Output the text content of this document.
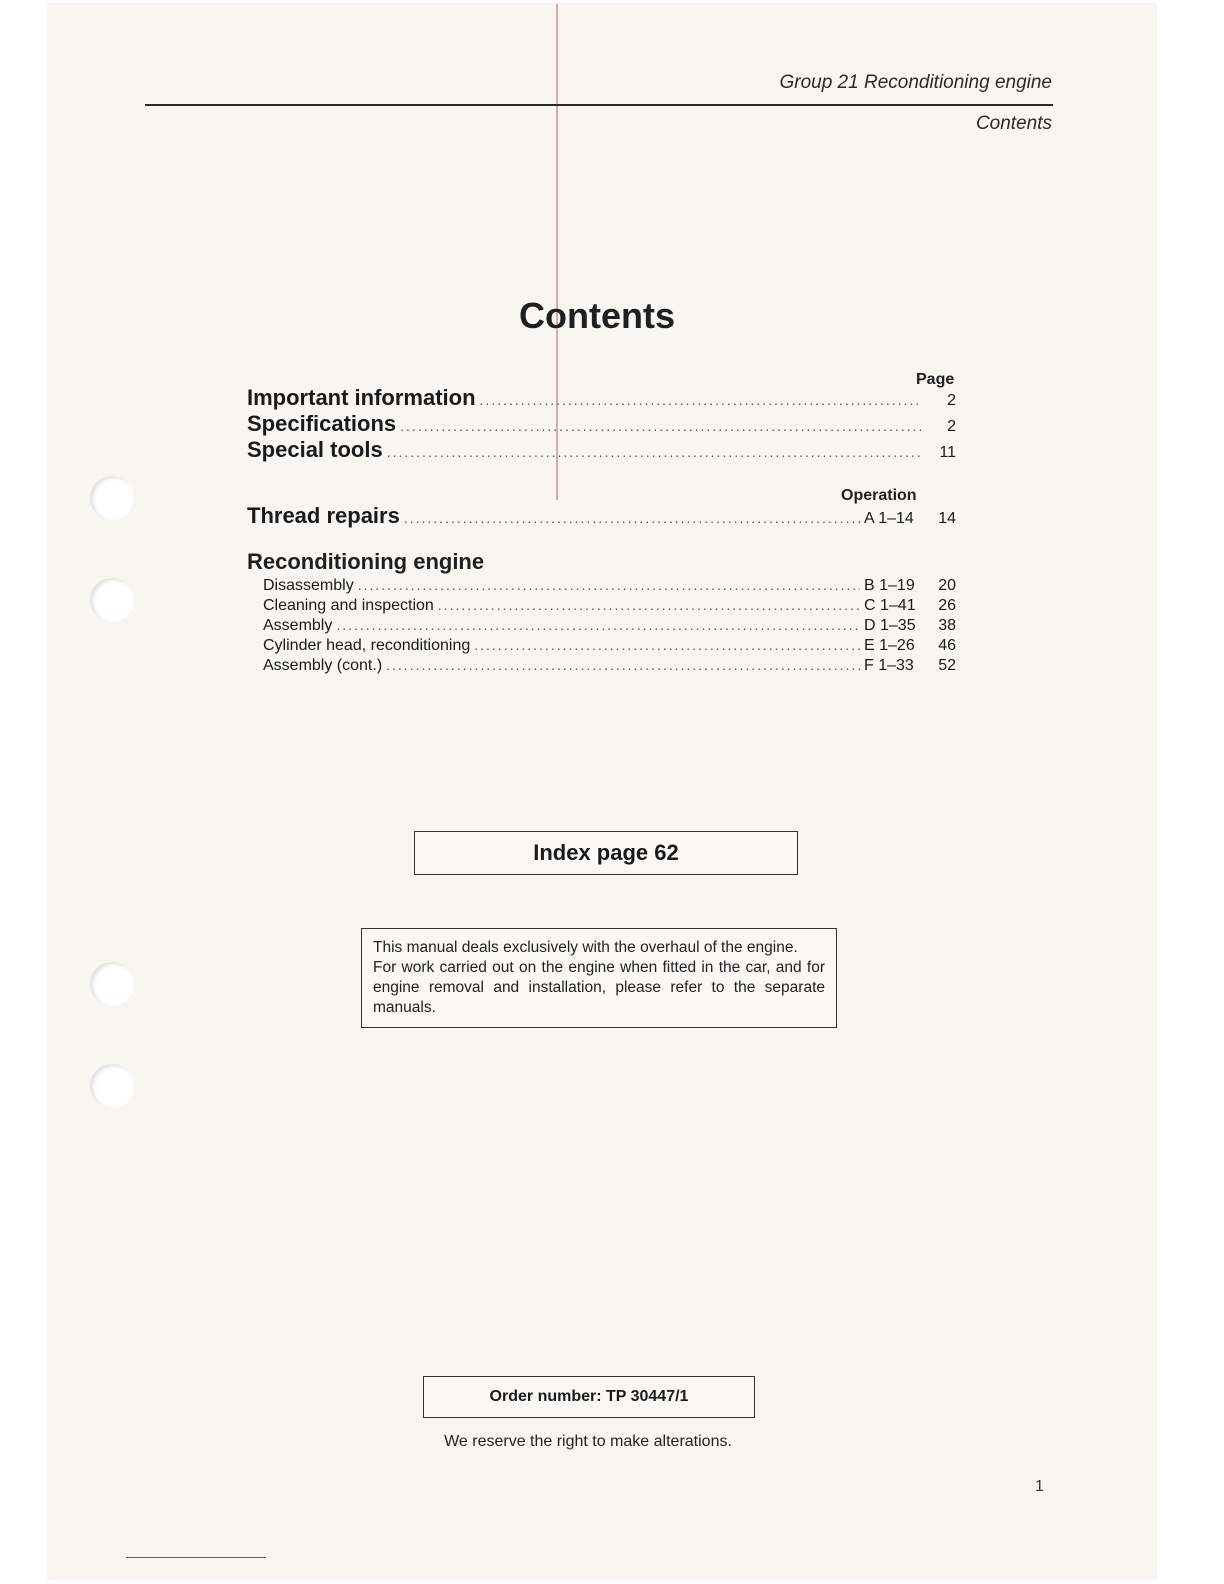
Group 21 Reconditioning engine
Contents
Contents
Page
Important information .....	2
Specifications .....	2
Special tools .....	11
Operation
Thread repairs .....	A 1–14	14
Reconditioning engine
Disassembly .....	B 1–19	20
Cleaning and inspection .....	C 1–41	26
Assembly .....	D 1–35	38
Cylinder head, reconditioning .....	E 1–26	46
Assembly (cont.) .....	F 1–33	52
Index page 62

This manual deals exclusively with the overhaul of the engine.

For work carried out on the engine when fitted in the car, and for engine removal and installation, please refer to the separate manuals.

Order number: TP 30447/1
We reserve the right to make alterations.
1
